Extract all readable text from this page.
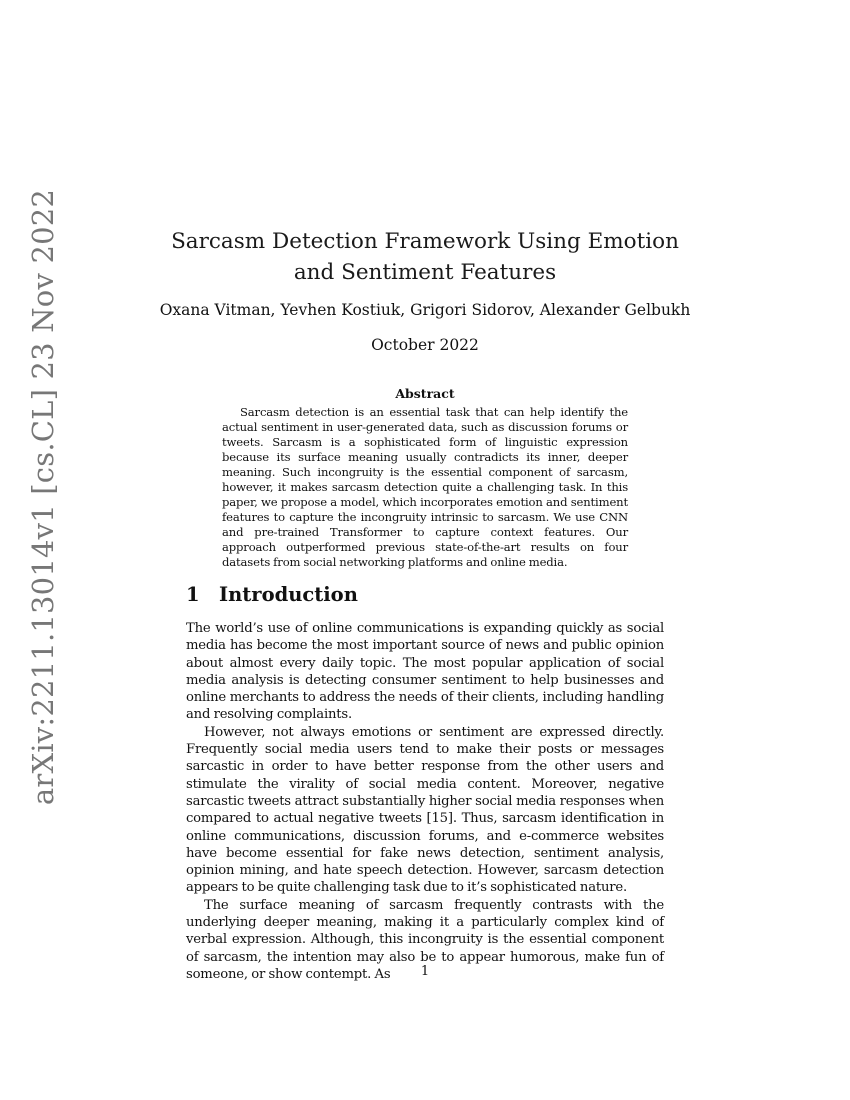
arXiv:2211.13014v1 [cs.CL] 23 Nov 2022	Sarcasm Detection Framework Using Emotion and Sentiment Features
Oxana Vitman, Yevhen Kostiuk, Grigori Sidorov, Alexander Gelbukh
October 2022
Abstract

Sarcasm detection is an essential task that can help identify the actual sentiment in user-generated data, such as discussion forums or tweets. Sarcasm is a sophisticated form of linguistic expression because its surface meaning usually contradicts its inner, deeper meaning. Such incongruity is the essential component of sarcasm, however, it makes sarcasm detection quite a challenging task. In this paper, we propose a model, which incorporates emotion and sentiment features to capture the incongruity intrinsic to sarcasm. We use CNN and pre-trained Transformer to capture context features. Our approach outperformed previous state-of-the-art results on four datasets from social networking platforms and online media.

1 Introduction

The world’s use of online communications is expanding quickly as social media has become the most important source of news and public opinion about almost every daily topic. The most popular application of social media analysis is detecting consumer sentiment to help businesses and online merchants to address the needs of their clients, including handling and resolving complaints.

However, not always emotions or sentiment are expressed directly. Frequently social media users tend to make their posts or messages sarcastic in order to have better response from the other users and stimulate the virality of social media content. Moreover, negative sarcastic tweets attract substantially higher social media responses when compared to actual negative tweets [15]. Thus, sarcasm identification in online communications, discussion forums, and e-commerce websites have become essential for fake news detection, sentiment analysis, opinion mining, and hate speech detection. However, sarcasm detection appears to be quite challenging task due to it’s sophisticated nature.

The surface meaning of sarcasm frequently contrasts with the underlying deeper meaning, making it a particularly complex kind of verbal expression. Although, this incongruity is the essential component of sarcasm, the intention may also be to appear humorous, make fun of someone, or show contempt. As	1
